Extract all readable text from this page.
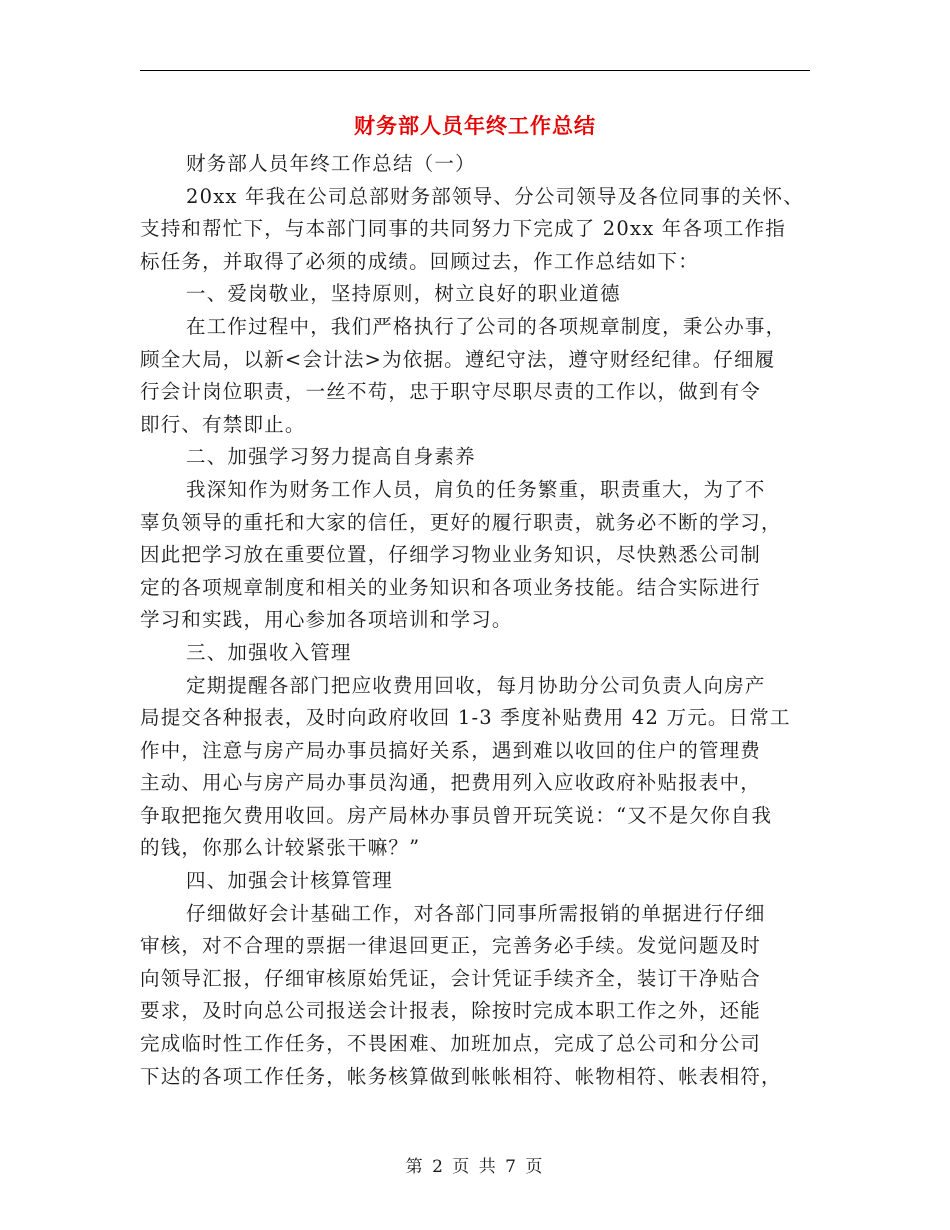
财务部人员年终工作总结
财务部人员年终工作总结（一）
20xx 年我在公司总部财务部领导、分公司领导及各位同事的关怀、
支持和帮忙下，与本部门同事的共同努力下完成了 20xx 年各项工作指
标任务，并取得了必须的成绩。回顾过去，作工作总结如下：
一、爱岗敬业，坚持原则，树立良好的职业道德
在工作过程中，我们严格执行了公司的各项规章制度，秉公办事，
顾全大局，以新<会计法>为依据。遵纪守法，遵守财经纪律。仔细履
行会计岗位职责，一丝不苟，忠于职守尽职尽责的工作以，做到有令
即行、有禁即止。
二、加强学习努力提高自身素养
我深知作为财务工作人员，肩负的任务繁重，职责重大，为了不
辜负领导的重托和大家的信任，更好的履行职责，就务必不断的学习，
因此把学习放在重要位置，仔细学习物业业务知识，尽快熟悉公司制
定的各项规章制度和相关的业务知识和各项业务技能。结合实际进行
学习和实践，用心参加各项培训和学习。
三、加强收入管理
定期提醒各部门把应收费用回收，每月协助分公司负责人向房产
局提交各种报表，及时向政府收回 1-3 季度补贴费用 42 万元。日常工
作中，注意与房产局办事员搞好关系，遇到难以收回的住户的管理费
主动、用心与房产局办事员沟通，把费用列入应收政府补贴报表中，
争取把拖欠费用收回。房产局林办事员曾开玩笑说：“又不是欠你自我
的钱，你那么计较紧张干嘛？”
四、加强会计核算管理
仔细做好会计基础工作，对各部门同事所需报销的单据进行仔细
审核，对不合理的票据一律退回更正，完善务必手续。发觉问题及时
向领导汇报，仔细审核原始凭证，会计凭证手续齐全，装订干净贴合
要求，及时向总公司报送会计报表，除按时完成本职工作之外，还能
完成临时性工作任务，不畏困难、加班加点，完成了总公司和分公司
下达的各项工作任务，帐务核算做到帐帐相符、帐物相符、帐表相符，
第 2 页 共 7 页
